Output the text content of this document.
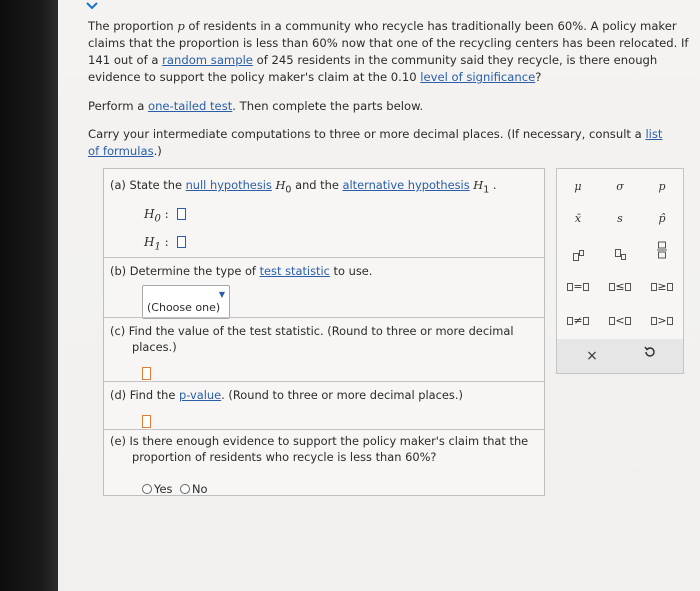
The proportion p of residents in a community who recycle has traditionally been 60%. A policy maker claims that the proportion is less than 60% now that one of the recycling centers has been relocated. If 141 out of a random sample of 245 residents in the community said they recycle, is there enough evidence to support the policy maker's claim at the 0.10 level of significance?
Perform a one-tailed test. Then complete the parts below.
Carry your intermediate computations to three or more decimal places. (If necessary, consult a list of formulas.)
(a) State the null hypothesis $H_0$ and the alternative hypothesis $H_1$ .
$H_0$ :
$H_1$ :
(b) Determine the type of test statistic to use.
▼
(Choose one)
(c) Find the value of the test statistic. (Round to three or more decimal
places.)
(d) Find the p-value. (Round to three or more decimal places.)
(e) Is there enough evidence to support the policy maker's claim that the
proportion of residents who recycle is less than 60%?
Yes No
μ	σ	p
x̄	s	p̂
=	≤	≥
≠	<	>
×
